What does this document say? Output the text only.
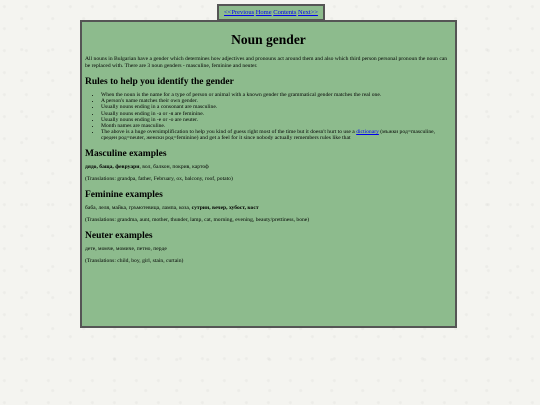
<<Previous Home Contents Next>>
Noun gender

All nouns in Bulgarian have a gender which determines how adjectives and pronouns act around them and also which third person personal pronoun the noun can be replaced with. There are 3 noun genders - masculine, feminine and neuter.

Rules to help you identify the gender
• When the noun is the name for a type of person or animal with a known gender the grammatical gender matches the real one.
• A person's name matches their own gender.
• Usually nouns ending in a consonant are masculine.
• Usually nouns ending in -а or -я are feminine.
• Usually nouns ending in -е or -о are neuter.
• Month names are masculine.
• The above is a huge oversimplification to help you kind of guess right most of the time but it doesn't hurt to use a dictionary (мъжки род=masculine, среден род=neuter, женски род=feminine) and get a feel for it since nobody actually remembers rules like that
Masculine examples

дядо, баща, февруари, вол, балкон, покрив, картоф

(Translations: grandpa, father, February, ox, balcony, roof, potato)

Feminine examples

баба, леля, майка, гръмотевица, лампа, коза, сутрин, вечер, хубост, кост

(Translations: grandma, aunt, mother, thunder, lamp, cat, morning, evening, beauty/prettiness, bone)

Neuter examples

дете, момче, момиче, петно, перде

(Translations: child, boy, girl, stain, curtain)
